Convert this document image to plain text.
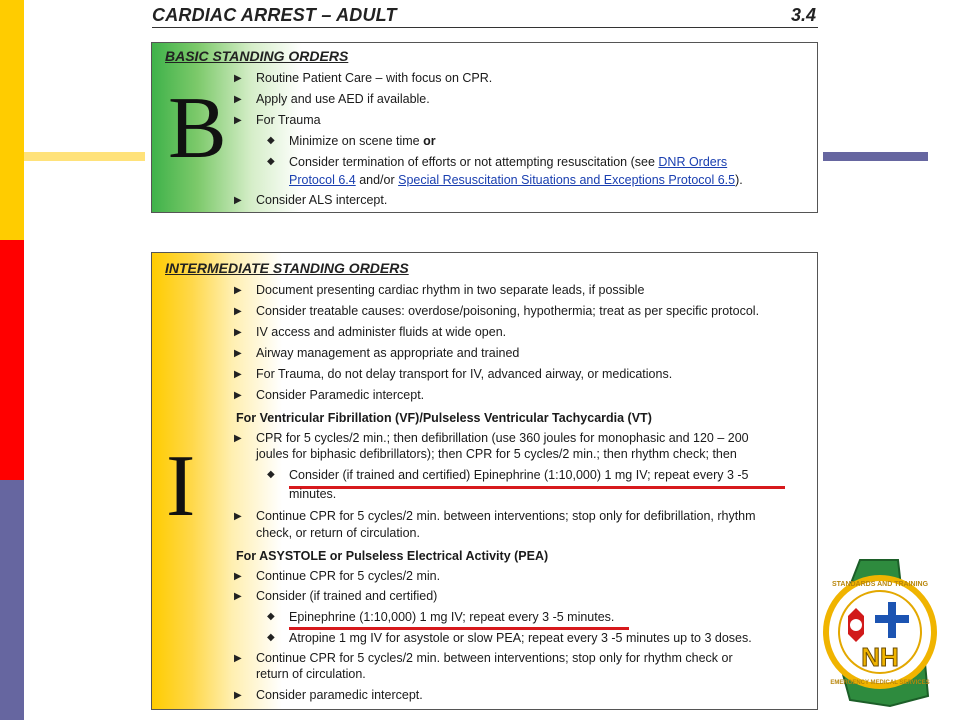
CARDIAC ARREST – ADULT	3.4
BASIC STANDING ORDERS
B
▶ Routine Patient Care – with focus on CPR.
▶ Apply and use AED if available.
▶ For Trauma
◆ Minimize on scene time or
◆ Consider termination of efforts or not attempting resuscitation (see DNR Orders
Protocol 6.4 and/or Special Resuscitation Situations and Exceptions Protocol 6.5).
▶ Consider ALS intercept.
INTERMEDIATE STANDING ORDERS
I
▶ Document presenting cardiac rhythm in two separate leads, if possible
▶ Consider treatable causes: overdose/poisoning, hypothermia; treat as per specific protocol.
▶ IV access and administer fluids at wide open.
▶ Airway management as appropriate and trained
▶ For Trauma, do not delay transport for IV, advanced airway, or medications.
▶ Consider Paramedic intercept.
For Ventricular Fibrillation (VF)/Pulseless Ventricular Tachycardia (VT)
▶ CPR for 5 cycles/2 min.; then defibrillation (use 360 joules for monophasic and 120 – 200
joules for biphasic defibrillators); then CPR for 5 cycles/2 min.; then rhythm check; then
◆ Consider (if trained and certified) Epinephrine (1:10,000) 1 mg IV; repeat every 3 -5
minutes.
▶ Continue CPR for 5 cycles/2 min. between interventions; stop only for defibrillation, rhythm
check, or return of circulation.
For ASYSTOLE or Pulseless Electrical Activity (PEA)
▶ Continue CPR for 5 cycles/2 min.
▶ Consider (if trained and certified)
◆ Epinephrine (1:10,000) 1 mg IV; repeat every 3 -5 minutes.
◆ Atropine 1 mg IV for asystole or slow PEA; repeat every 3 -5 minutes up to 3 doses.
▶ Continue CPR for 5 cycles/2 min. between interventions; stop only for rhythm check or
return of circulation.
▶ Consider paramedic intercept.
NH
STANDARDS AND TRAINING
EMERGENCY MEDICAL SERVICES
